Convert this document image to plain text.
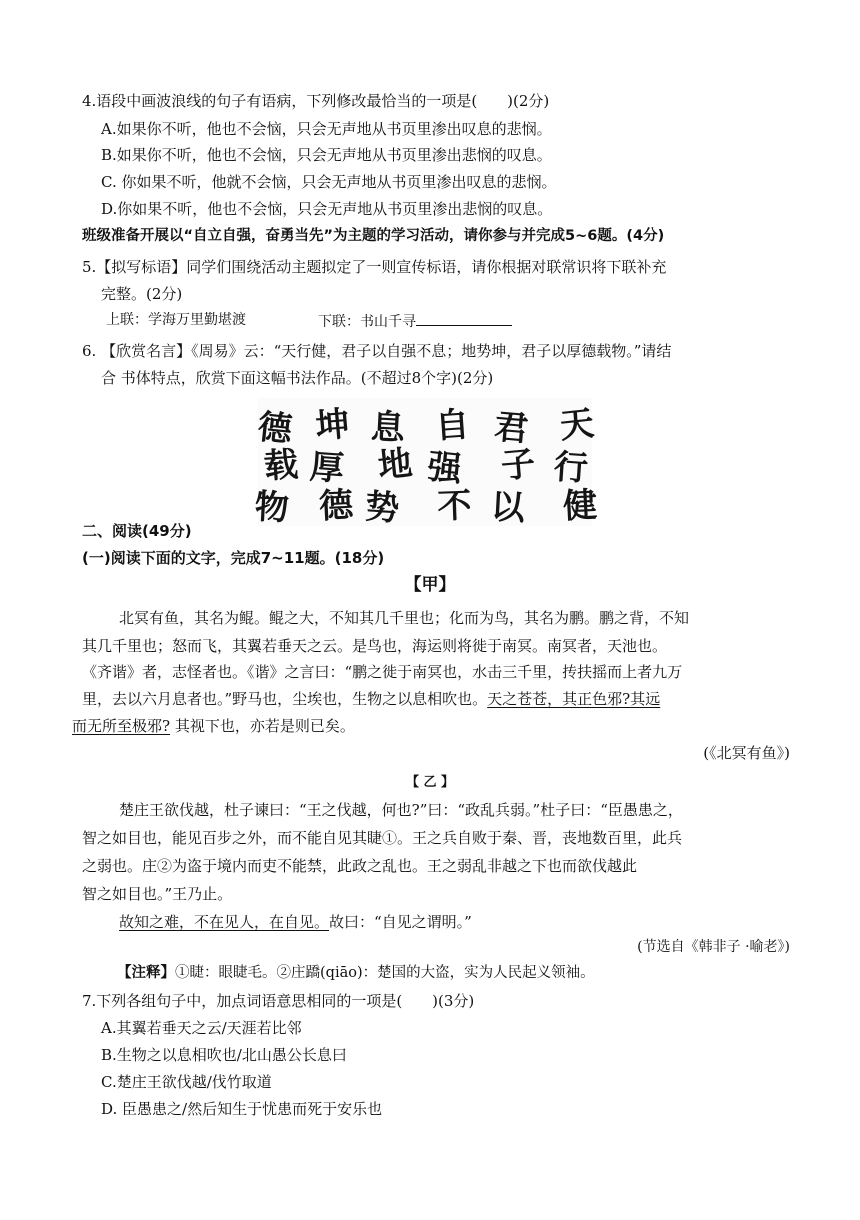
4.语段中画波浪线的句子有语病，下列修改最恰当的一项是(　　)(2分)
A.如果你不听，他也不会恼，只会无声地从书页里渗出叹息的悲悯。
B.如果你不听，他也不会恼，只会无声地从书页里渗出悲悯的叹息。
C. 你如果不听，他就不会恼，只会无声地从书页里渗出叹息的悲悯。
D.你如果不听，他也不会恼，只会无声地从书页里渗出悲悯的叹息。
班级准备开展以“自立自强，奋勇当先”为主题的学习活动，请你参与并完成5~6题。(4分)
5.【拟写标语】同学们围绕活动主题拟定了一则宣传标语，请你根据对联常识将下联补充
完整。(2分)
上联：学海万里勤堪渡	下联：书山千寻
6. 【欣赏名言】《周易》云：“天行健，君子以自强不息；地势坤，君子以厚德载物。”请结
合 书体特点，欣赏下面这幅书法作品。(不超过8个字)(2分)
天
行
健
君
子
以
自
强
不
息
地
势
坤
厚
德
德
载
物
二、阅读(49分)
(一)阅读下面的文字，完成7~11题。(18分)
【甲】
北冥有鱼，其名为鲲。鲲之大，不知其几千里也；化而为鸟，其名为鹏。鹏之背，不知
其几千里也；怒而飞，其翼若垂天之云。是鸟也，海运则将徙于南冥。南冥者，天池也。
《齐谐》者，志怪者也。《谐》之言曰：“鹏之徙于南冥也，水击三千里，抟扶摇而上者九万
里，去以六月息者也。”野马也，尘埃也，生物之以息相吹也。天之苍苍，其正色邪?其远
而无所至极邪? 其视下也，亦若是则已矣。
(《北冥有鱼》)
【 乙 】
楚庄王欲伐越，杜子谏曰：“王之伐越，何也?”曰：“政乱兵弱。”杜子曰：“臣愚患之，
智之如目也，能见百步之外，而不能自见其睫①。王之兵自败于秦、晋，丧地数百里，此兵
之弱也。庄②为盗于境内而吏不能禁，此政之乱也。王之弱乱非越之下也而欲伐越此
智之如目也。”王乃止。
故知之难，不在见人，在自见。故曰：“自见之谓明。”
(节选自《韩非子 ·喻老》)
【注释】①睫：眼睫毛。②庄蹻(qiāo)：楚国的大盗，实为人民起义领袖。
7.下列各组句子中，加点词语意思相同的一项是(　　)(3分)
A.其翼若垂天之云/天涯若比邻
B.生物之以息相吹也/北山愚公长息曰
C.楚庄王欲伐越/伐竹取道
D. 臣愚患之/然后知生于忧患而死于安乐也
